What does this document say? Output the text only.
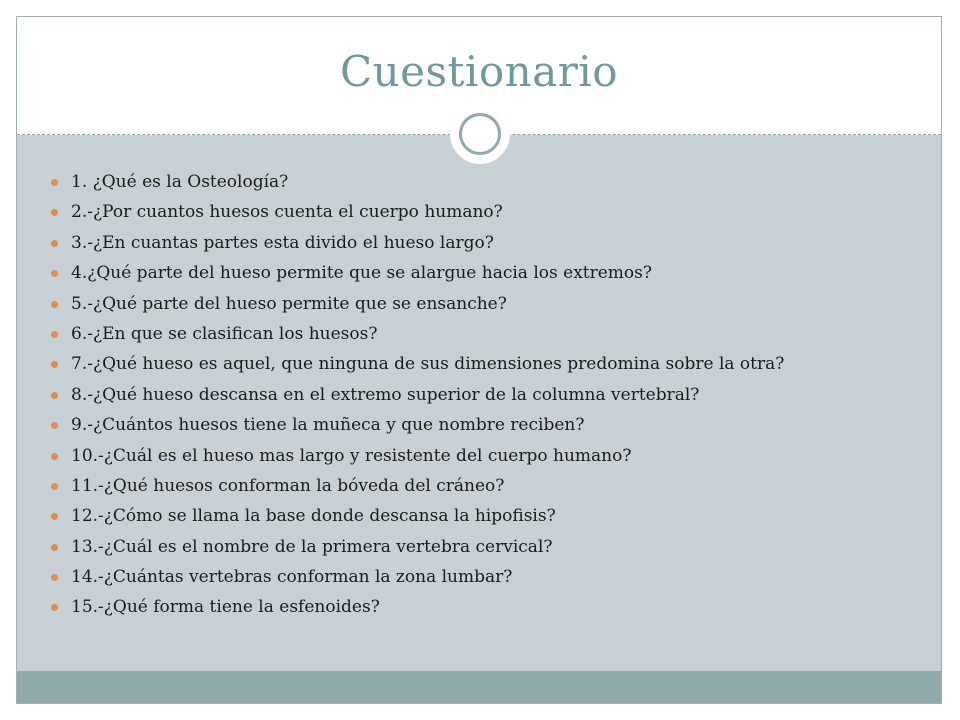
Cuestionario
1. ¿Qué es la Osteología?
2.-¿Por cuantos huesos cuenta el cuerpo humano?
3.-¿En cuantas partes esta divido el hueso largo?
4.¿Qué parte del hueso permite que se alargue hacia los extremos?
5.-¿Qué parte del hueso permite que se ensanche?
6.-¿En que se clasifican los huesos?
7.-¿Qué hueso es aquel, que ninguna de sus dimensiones predomina sobre la otra?
8.-¿Qué hueso descansa en el extremo superior de la columna vertebral?
9.-¿Cuántos huesos tiene la muñeca y que nombre reciben?
10.-¿Cuál es el hueso mas largo y resistente del cuerpo humano?
11.-¿Qué huesos conforman la bóveda del cráneo?
12.-¿Cómo se llama la base donde descansa la hipofisis?
13.-¿Cuál es el nombre de la primera vertebra cervical?
14.-¿Cuántas vertebras conforman la zona lumbar?
15.-¿Qué forma tiene la esfenoides?
